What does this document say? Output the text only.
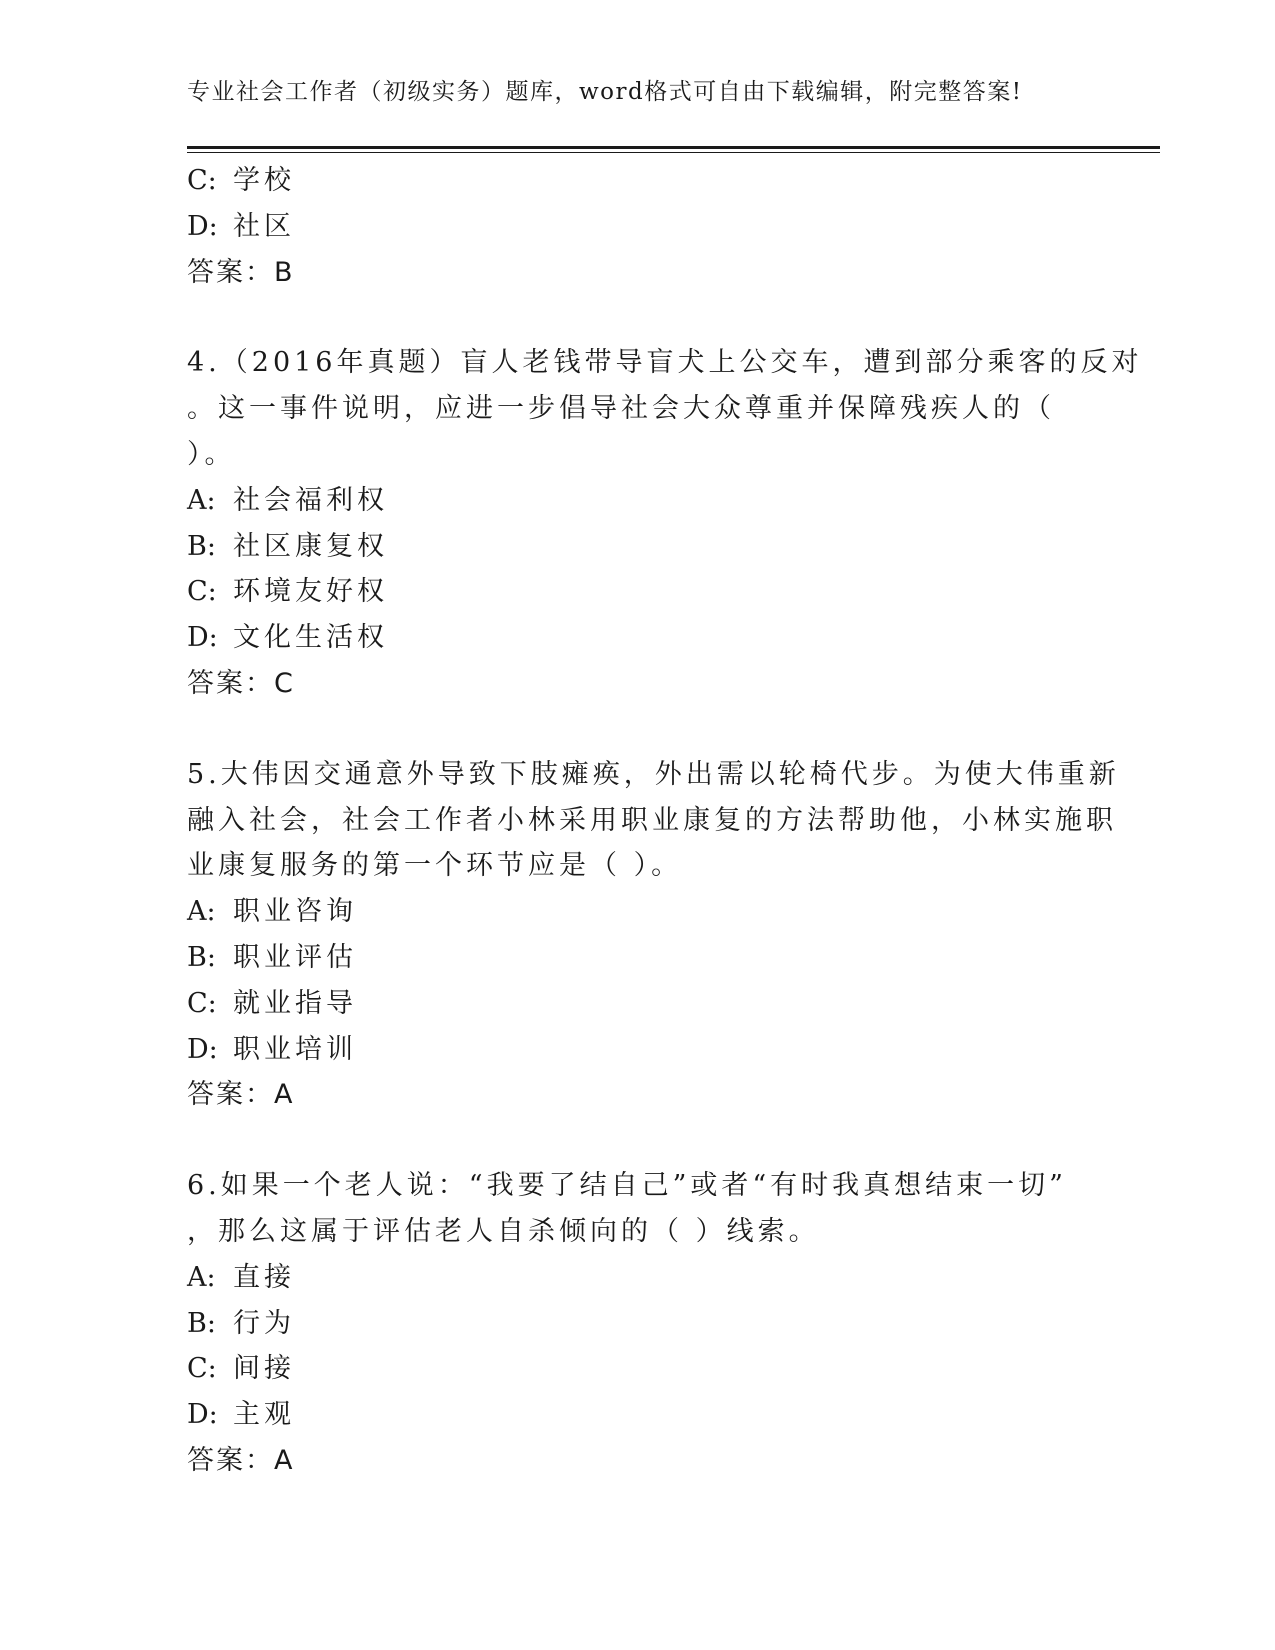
专业社会工作者（初级实务）题库，word格式可自由下载编辑，附完整答案!
C: 学校
D: 社区
答案：B
4.（2016年真题）盲人老钱带导盲犬上公交车，遭到部分乘客的反对
。这一事件说明，应进一步倡导社会大众尊重并保障残疾人的（
）。
A: 社会福利权
B: 社区康复权
C: 环境友好权
D: 文化生活权
答案：C
5.大伟因交通意外导致下肢瘫痪，外出需以轮椅代步。为使大伟重新
融入社会，社会工作者小林采用职业康复的方法帮助他，小林实施职
业康复服务的第一个环节应是（ ）。
A: 职业咨询
B: 职业评估
C: 就业指导
D: 职业培训
答案：A
6.如果一个老人说：“我要了结自己”或者“有时我真想结束一切”
，那么这属于评估老人自杀倾向的（ ）线索。
A: 直接
B: 行为
C: 间接
D: 主观
答案：A
